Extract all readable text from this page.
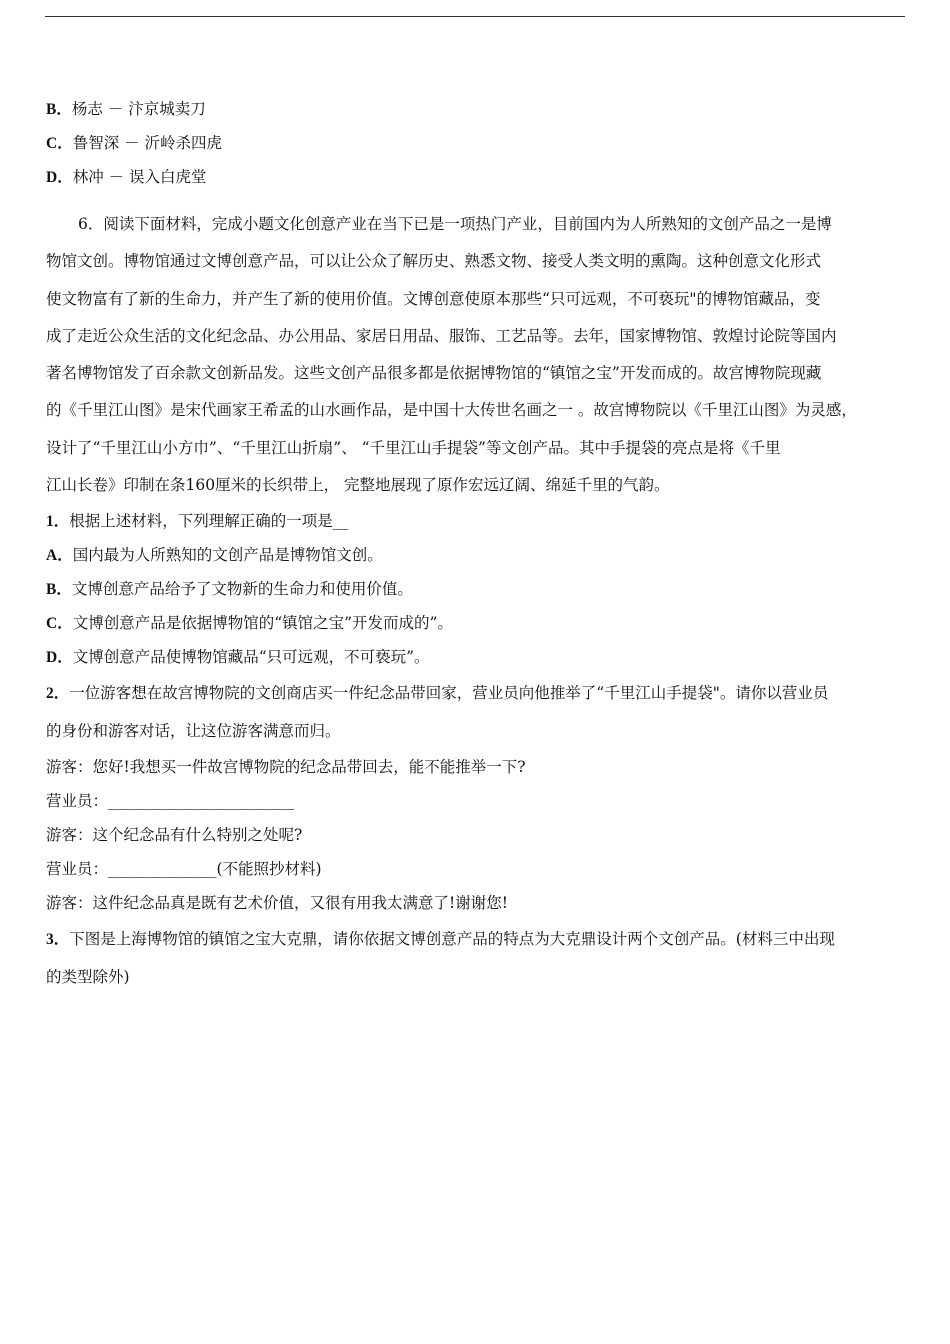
B．杨志 － 汴京城卖刀
C．鲁智深 － 沂岭杀四虎
D．林冲 － 误入白虎堂
6．阅读下面材料，完成小题文化创意产业在当下已是一项热门产业，目前国内为人所熟知的文创产品之一是博
物馆文创。博物馆通过文博创意产品，可以让公众了解历史、熟悉文物、接受人类文明的熏陶。这种创意文化形式
使文物富有了新的生命力，并产生了新的使用价值。文博创意使原本那些“只可远观，不可亵玩"的博物馆藏品，变
成了走近公众生活的文化纪念品、办公用品、家居日用品、服饰、工艺品等。去年，国家博物馆、敦煌讨论院等国内
著名博物馆发了百余款文创新品发。这些文创产品很多都是依据博物馆的“镇馆之宝”开发而成的。故宫博物院现藏
的《千里江山图》是宋代画家王希孟的山水画作品，是中国十大传世名画之一 。故宫博物院以《千里江山图》为灵感，
设计了“千里江山小方巾”、“千里江山折扇”、 “千里江山手提袋”等文创产品。其中手提袋的亮点是将《千里
江山长卷》印制在条160厘米的长织带上， 完整地展现了原作宏远辽阔、绵延千里的气韵。
1．根据上述材料，下列理解正确的一项是__
A．国内最为人所熟知的文创产品是博物馆文创。
B．文博创意产品给予了文物新的生命力和使用价值。
C．文博创意产品是依据博物馆的“镇馆之宝”开发而成的”。
D．文博创意产品使博物馆藏品“只可远观，不可亵玩”。
2．一位游客想在故宫博物院的文创商店买一件纪念品带回家，营业员向他推举了“千里江山手提袋"。请你以营业员
的身份和游客对话，让这位游客满意而归。
游客：您好!我想买一件故宫博物院的纪念品带回去，能不能推举一下?
营业员：________________________
游客：这个纪念品有什么特别之处呢?
营业员：______________(不能照抄材料)
游客：这件纪念品真是既有艺术价值，又很有用我太满意了!谢谢您!
3．下图是上海博物馆的镇馆之宝大克鼎，请你依据文博创意产品的特点为大克鼎设计两个文创产品。(材料三中出现
的类型除外)
